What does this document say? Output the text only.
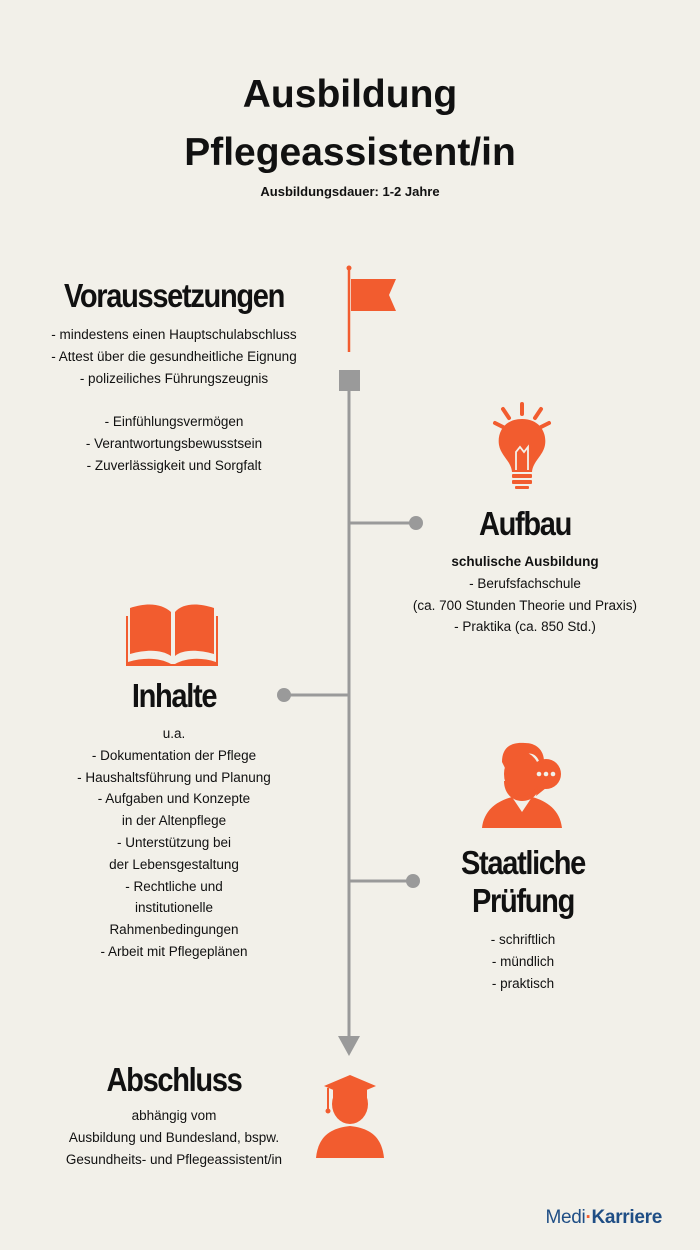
Ausbildung
Pflegeassistent/in
Ausbildungsdauer: 1-2 Jahre
Voraussetzungen
- mindestens einen Hauptschulabschluss
- Attest über die gesundheitliche Eignung
- polizeiliches Führungszeugnis
- Einfühlungsvermögen
- Verantwortungsbewusstsein
- Zuverlässigkeit und Sorgfalt
Aufbau
schulische Ausbildung
- Berufsfachschule
(ca. 700 Stunden Theorie und Praxis)
- Praktika (ca. 850 Std.)
Inhalte
u.a.
- Dokumentation der Pflege
- Haushaltsführung und Planung
- Aufgaben und Konzepte
in der Altenpflege
- Unterstützung bei
der Lebensgestaltung
- Rechtliche und
institutionelle
Rahmenbedingungen
- Arbeit mit Pflegeplänen
Staatliche
Prüfung
- schriftlich
- mündlich
- praktisch
Abschluss
abhängig vom
Ausbildung und Bundesland, bspw.
Gesundheits- und Pflegeassistent/in
Medi·Karriere
